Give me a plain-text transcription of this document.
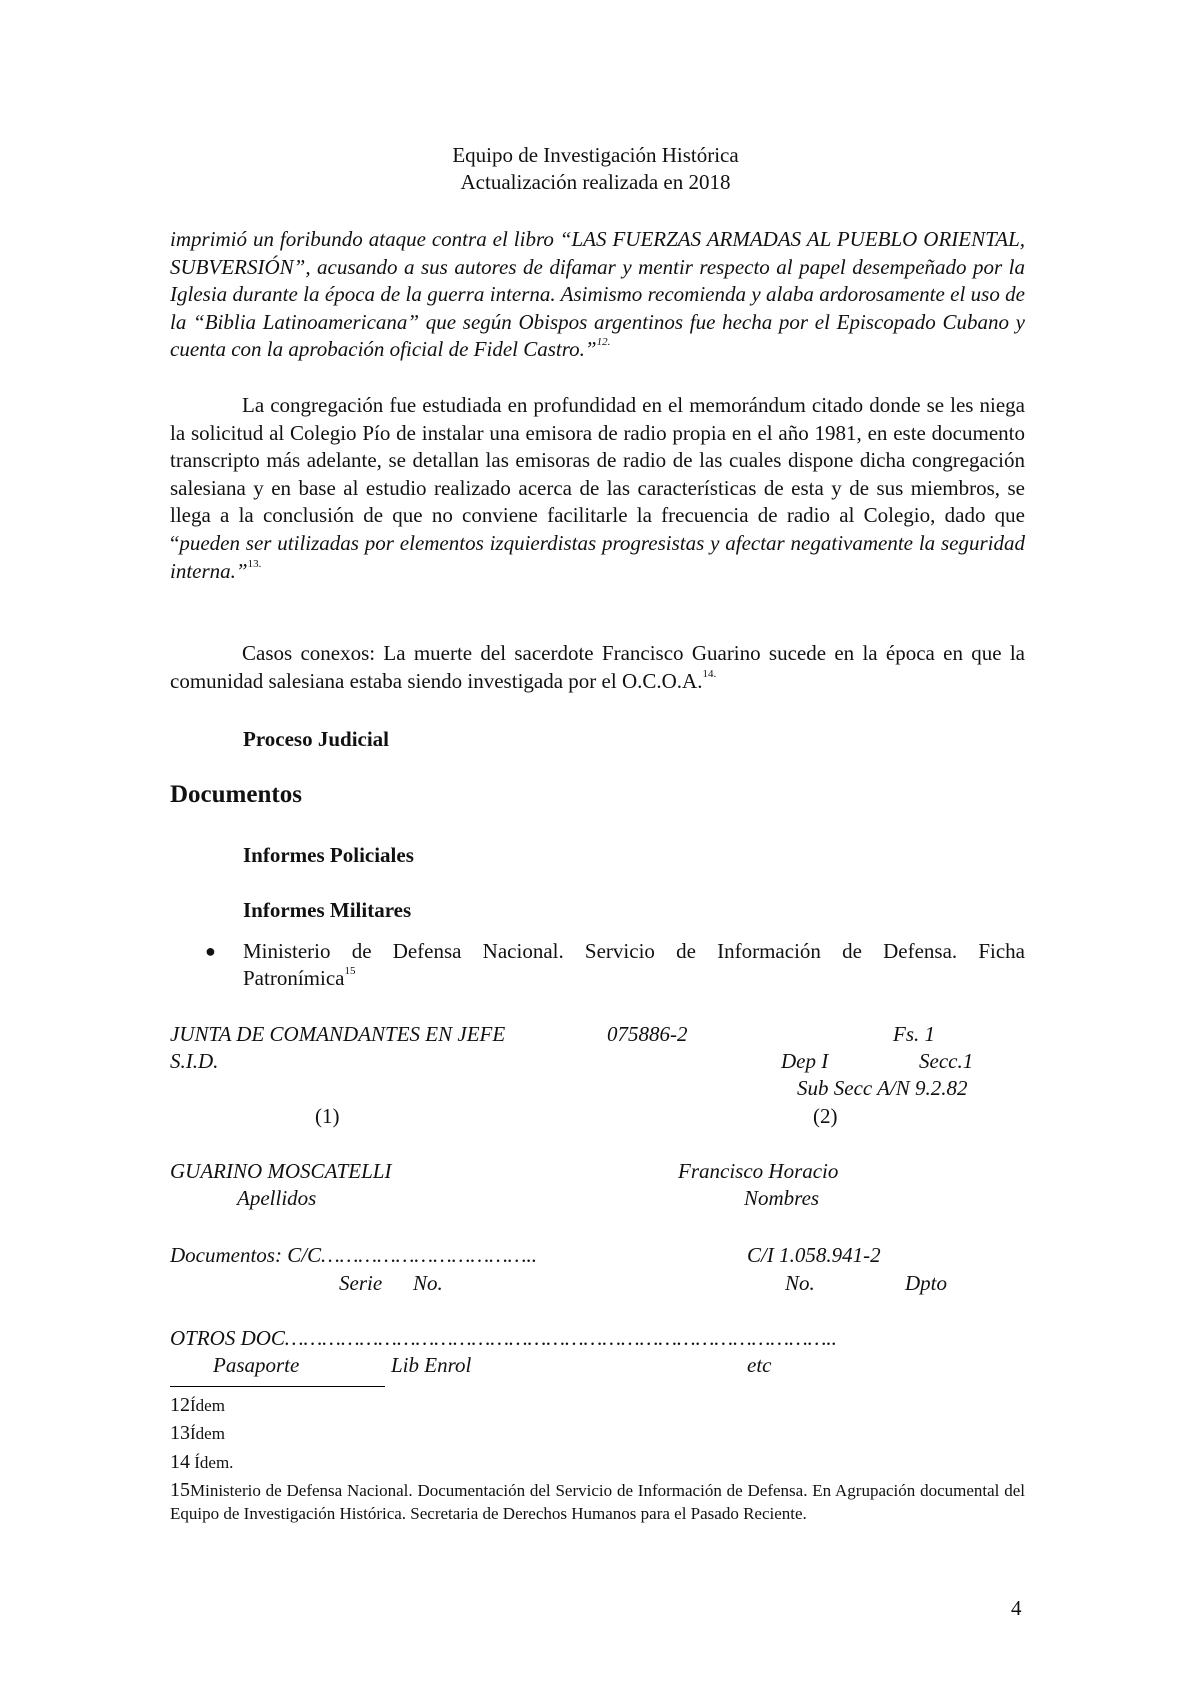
Equipo de Investigación Histórica
Actualización realizada en 2018
imprimió un foribundo ataque contra el libro “LAS FUERZAS ARMADAS AL PUEBLO ORIENTAL, SUBVERSIÓN”, acusando a sus autores de difamar y mentir respecto al papel desempeñado por la Iglesia durante la época de la guerra interna. Asimismo recomienda y alaba ardorosamente el uso de la “Biblia Latinoamericana” que según Obispos argentinos fue hecha por el Episcopado Cubano y cuenta con la aprobación oficial de Fidel Castro.”$^{12.}$
La congregación fue estudiada en profundidad en el memorándum citado donde se les niega la solicitud al Colegio Pío de instalar una emisora de radio propia en el año 1981, en este documento transcripto más adelante, se detallan las emisoras de radio de las cuales dispone dicha congregación salesiana y en base al estudio realizado acerca de las características de esta y de sus miembros, se llega a la conclusión de que no conviene facilitarle la frecuencia de radio al Colegio, dado que “pueden ser utilizadas por elementos izquierdistas progresistas y afectar negativamente la seguridad interna.”$^{13.}$
Casos conexos: La muerte del sacerdote Francisco Guarino sucede en la época en que la comunidad salesiana estaba siendo investigada por el O.C.O.A.$^{14.}$
Proceso Judicial
Documentos
Informes Policiales
Informes Militares
● Ministerio de Defensa Nacional. Servicio de Información de Defensa. Ficha
Patronímica$^{15}$
JUNTA DE COMANDANTES EN JEFE	075886-2	Fs. 1
S.I.D.	Dep I	Secc.1
Sub Secc A/N 9.2.82
(1)	(2)
GUARINO MOSCATELLI	Francisco Horacio
Apellidos	Nombres
Documentos: C/C……………………………..	C/I 1.058.941-2
Serie No.	No.	Dpto
OTROS DOC……………………………………………………………………………..
Pasaporte	Lib Enrol	etc
12Ídem
13Ídem
14 Ídem.
15Ministerio de Defensa Nacional. Documentación del Servicio de Información de Defensa. En Agrupación documental del Equipo de Investigación Histórica. Secretaria de Derechos Humanos para el Pasado Reciente.
4
